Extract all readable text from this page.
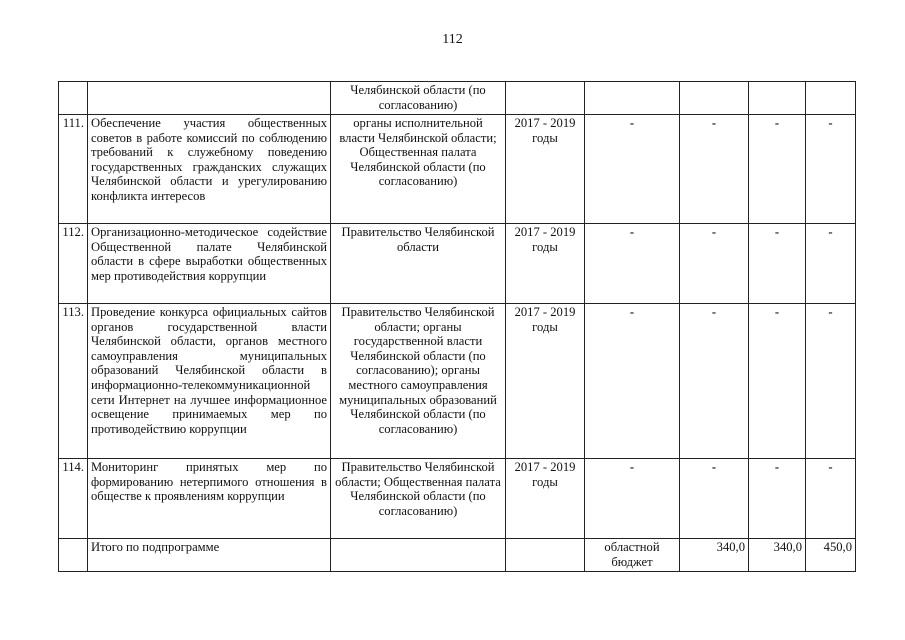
112
		Челябинской области (по согласованию)					
111.	Обеспечение участия общественных советов в работе комиссий по соблюдению требований к служебному поведению государственных гражданских служащих Челябинской области и урегулированию конфликта интересов	органы исполнительной власти Челябинской области; Общественная палата Челябинской области (по согласованию)	2017 - 2019 годы	-	-	-	-
112.	Организационно-методическое содействие Общественной палате Челябинской области в сфере выработки общественных мер противодействия коррупции	Правительство Челябинской области	2017 - 2019 годы	-	-	-	-
113.	Проведение конкурса официальных сайтов органов государственной власти Челябинской области, органов местного самоуправления муниципальных образований Челябинской области в информационно-телекоммуникационной сети Интернет на лучшее информационное освещение принимаемых мер по противодействию коррупции	Правительство Челябинской области; органы государственной власти Челябинской области (по согласованию); органы местного самоуправления муниципальных образований Челябинской области (по согласованию)	2017 - 2019 годы	-	-	-	-
114.	Мониторинг принятых мер по формированию нетерпимого отношения в обществе к проявлениям коррупции	Правительство Челябинской области; Общественная палата Челябинской области (по согласованию)	2017 - 2019 годы	-	-	-	-
	Итого по подпрограмме			областной бюджет	340,0	340,0	450,0
